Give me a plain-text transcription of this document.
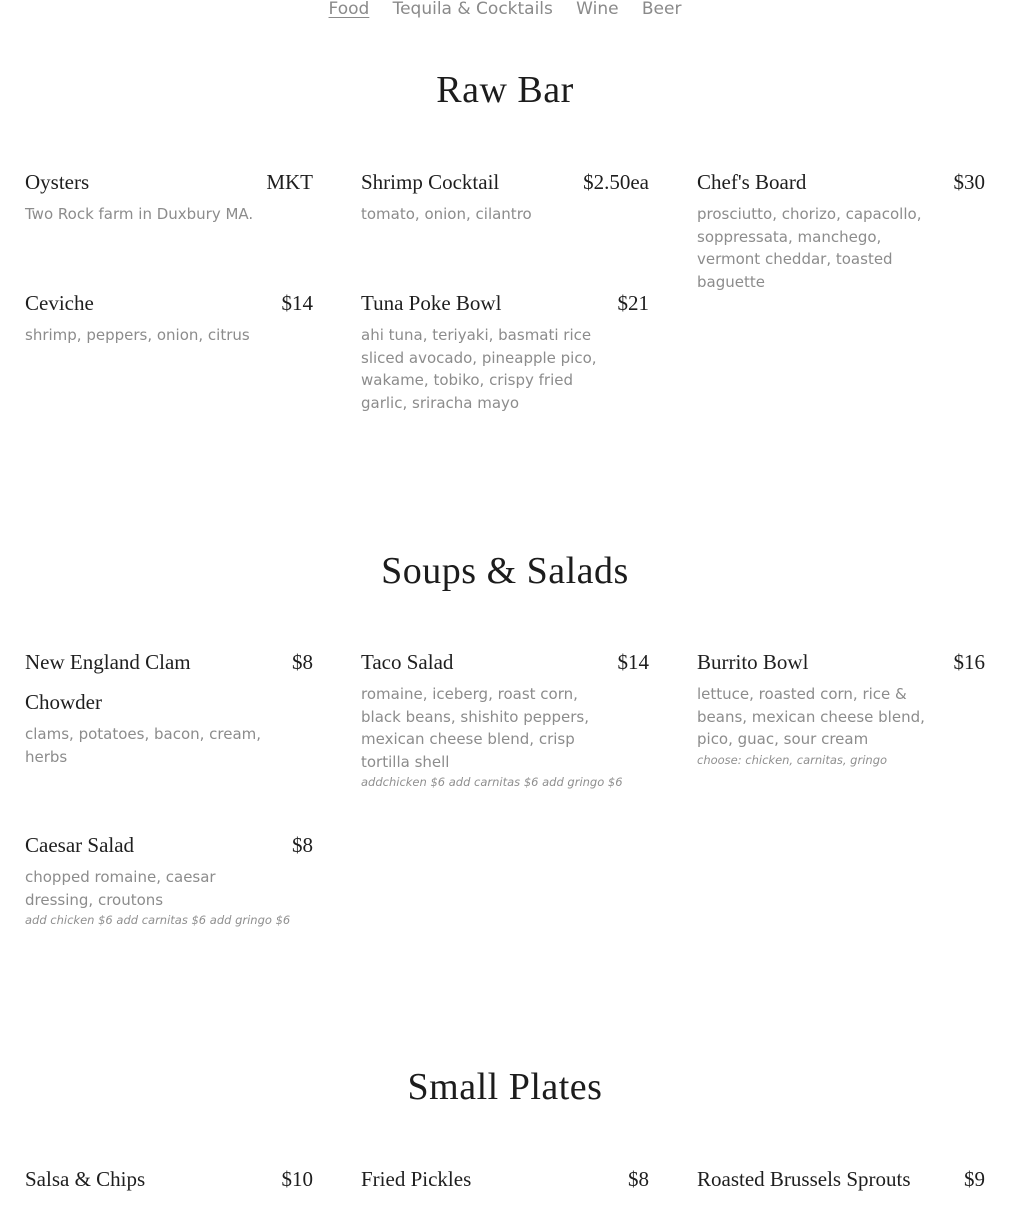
Food Tequila & Cocktails Wine Beer
Raw Bar
Oysters	MKT
Two Rock farm in Duxbury MA.
Shrimp Cocktail	$2.50ea
tomato, onion, cilantro
Chef's Board	$30
prosciutto, chorizo, capacollo, soppressata, manchego, vermont cheddar, toasted baguette
Ceviche	$14
shrimp, peppers, onion, citrus
Tuna Poke Bowl	$21
ahi tuna, teriyaki, basmati rice sliced avocado, pineapple pico, wakame, tobiko, crispy fried garlic, sriracha mayo
Soups & Salads
New England Clam Chowder
$8
clams, potatoes, bacon, cream, herbs
Taco Salad	$14
romaine, iceberg, roast corn, black beans, shishito peppers, mexican cheese blend, crisp tortilla shell
addchicken $6 add carnitas $6 add gringo $6
Burrito Bowl	$16
lettuce, roasted corn, rice & beans, mexican cheese blend, pico, guac, sour cream
choose: chicken, carnitas, gringo
Caesar Salad	$8
chopped romaine, caesar dressing, croutons
add chicken $6 add carnitas $6 add gringo $6
Small Plates
Salsa & Chips	$10 Fried Pickles	$8 Roasted Brussels Sprouts	$9
